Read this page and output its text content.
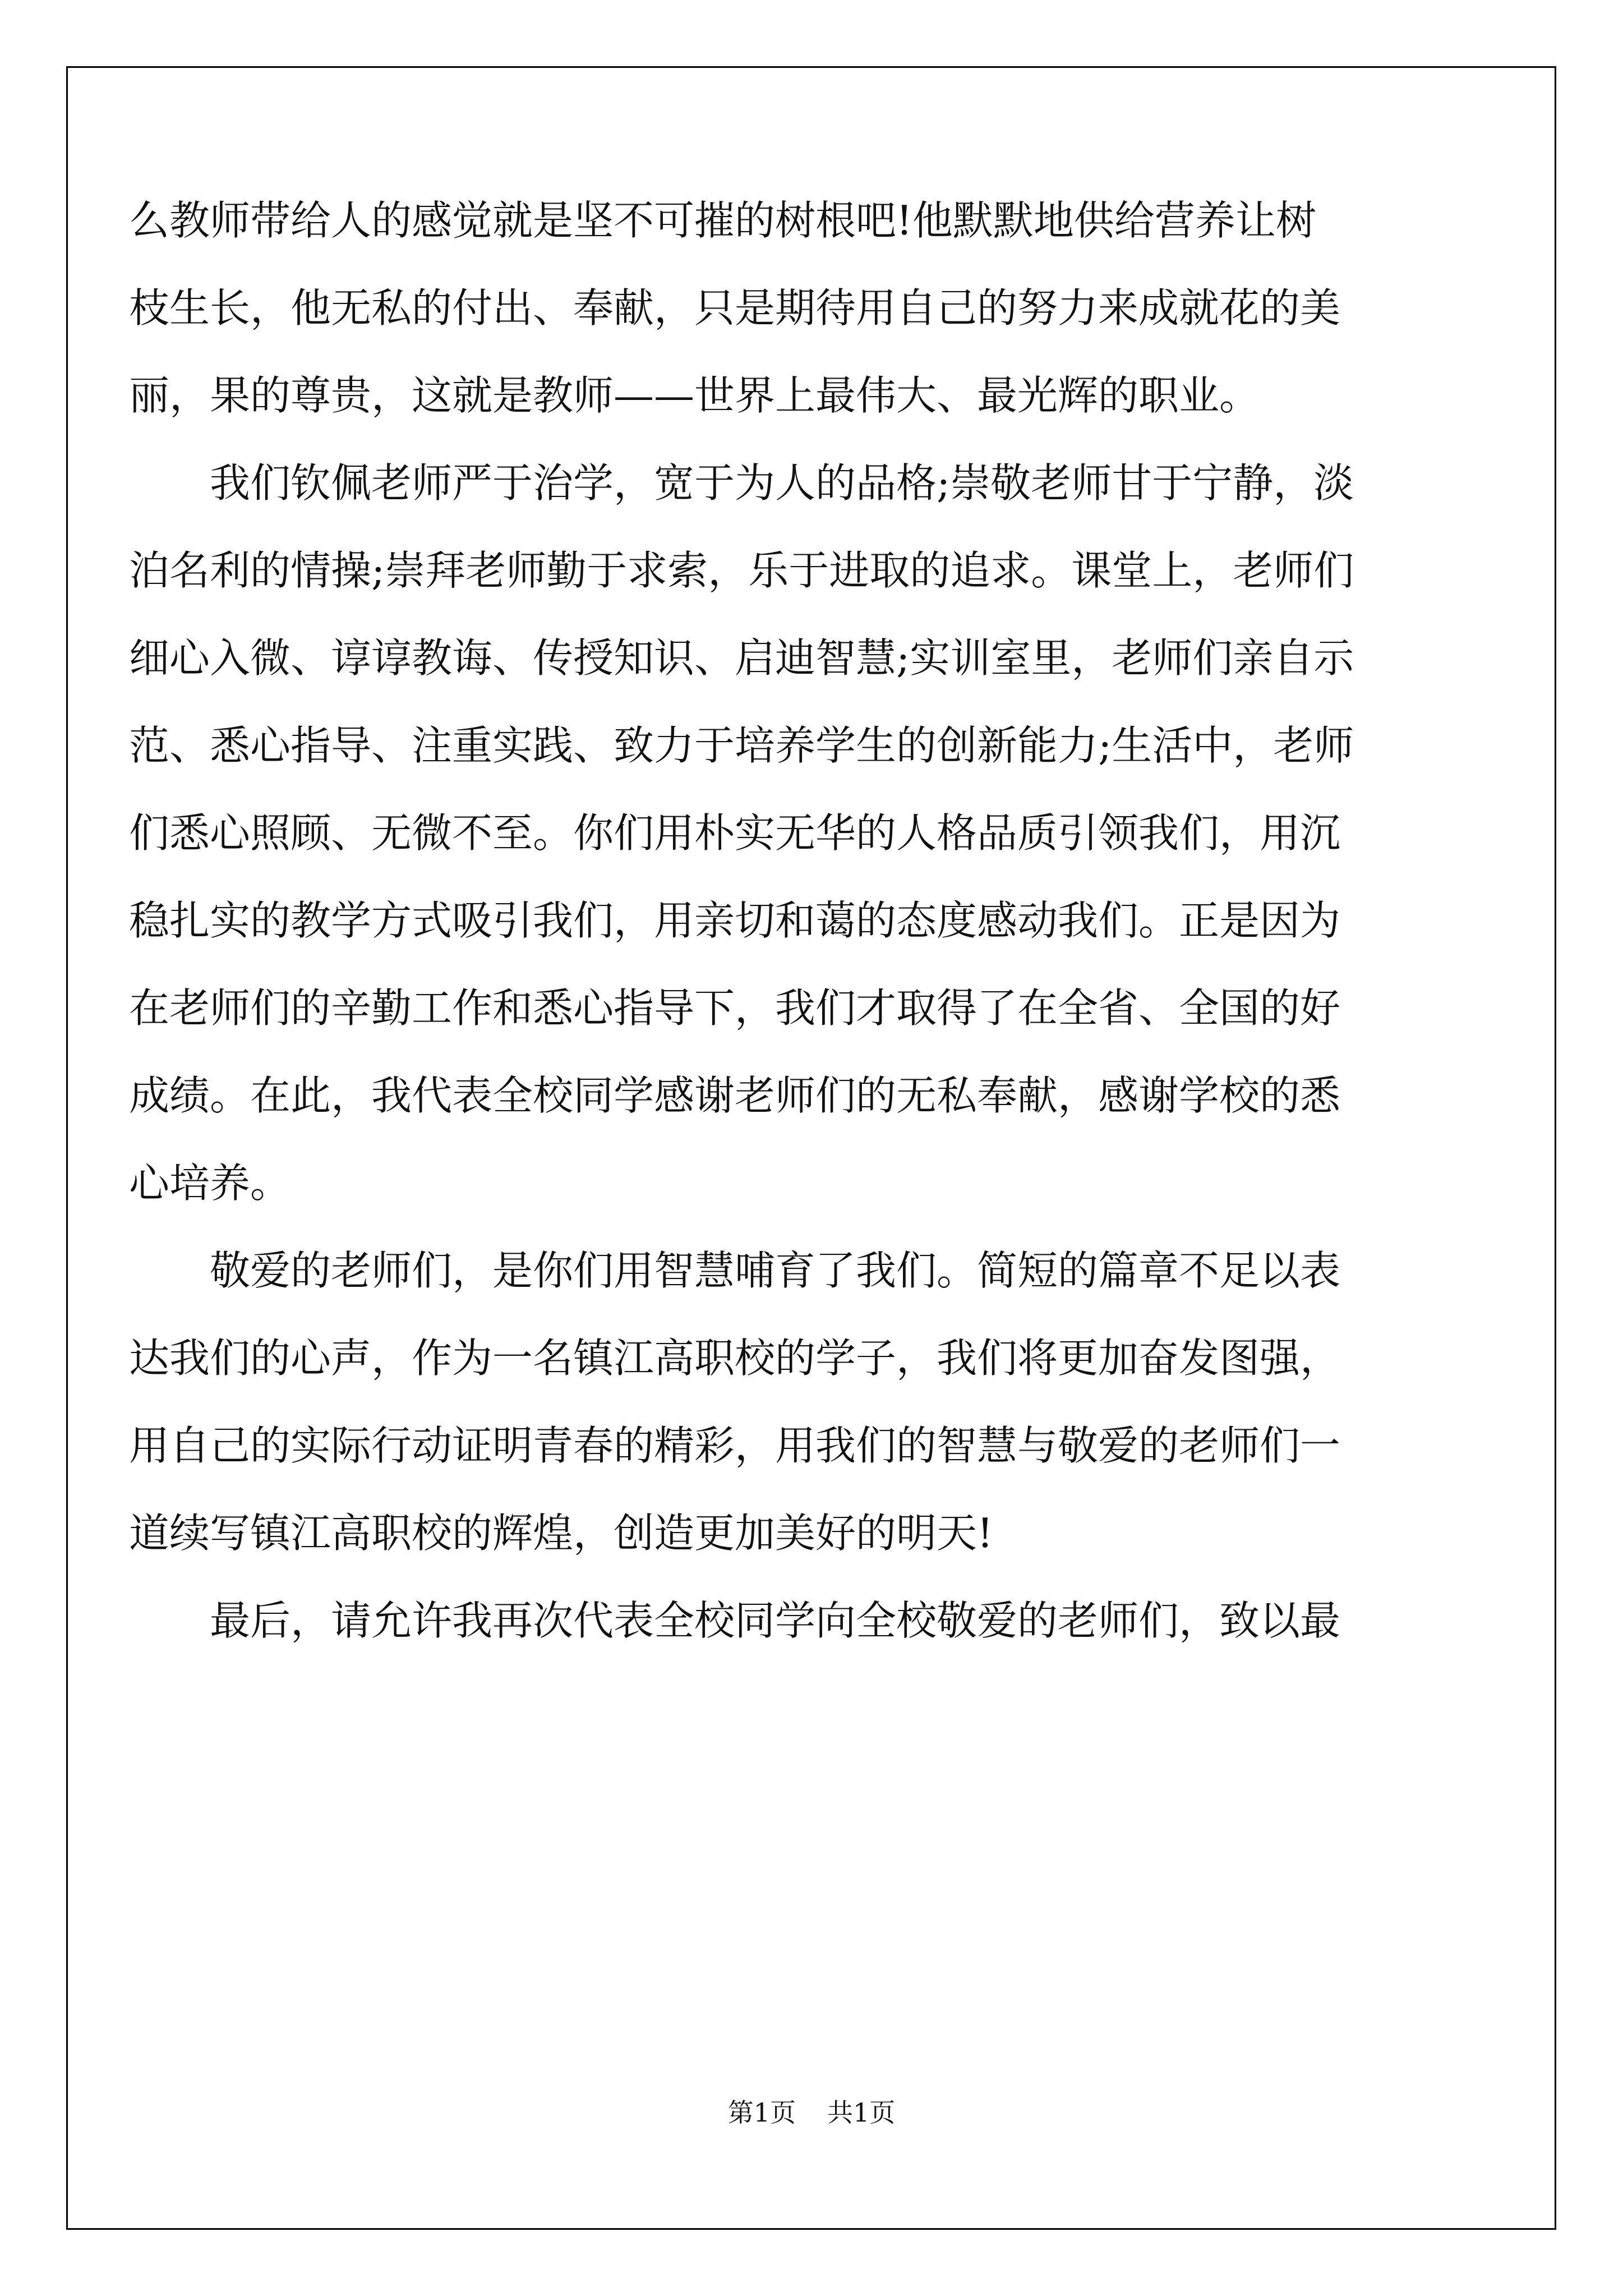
么教师带给人的感觉就是坚不可摧的树根吧!他默默地供给营养让树
枝生长，他无私的付出、奉献，只是期待用自己的努力来成就花的美
丽，果的尊贵，这就是教师——世界上最伟大、最光辉的职业。
我们钦佩老师严于治学，宽于为人的品格;崇敬老师甘于宁静，淡
泊名利的情操;崇拜老师勤于求索，乐于进取的追求。课堂上，老师们
细心入微、谆谆教诲、传授知识、启迪智慧;实训室里，老师们亲自示
范、悉心指导、注重实践、致力于培养学生的创新能力;生活中，老师
们悉心照顾、无微不至。你们用朴实无华的人格品质引领我们，用沉
稳扎实的教学方式吸引我们，用亲切和蔼的态度感动我们。正是因为
在老师们的辛勤工作和悉心指导下，我们才取得了在全省、全国的好
成绩。在此，我代表全校同学感谢老师们的无私奉献，感谢学校的悉
心培养。
敬爱的老师们，是你们用智慧哺育了我们。简短的篇章不足以表
达我们的心声，作为一名镇江高职校的学子，我们将更加奋发图强，
用自己的实际行动证明青春的精彩，用我们的智慧与敬爱的老师们一
道续写镇江高职校的辉煌，创造更加美好的明天!
最后，请允许我再次代表全校同学向全校敬爱的老师们，致以最
第1页 共1页
